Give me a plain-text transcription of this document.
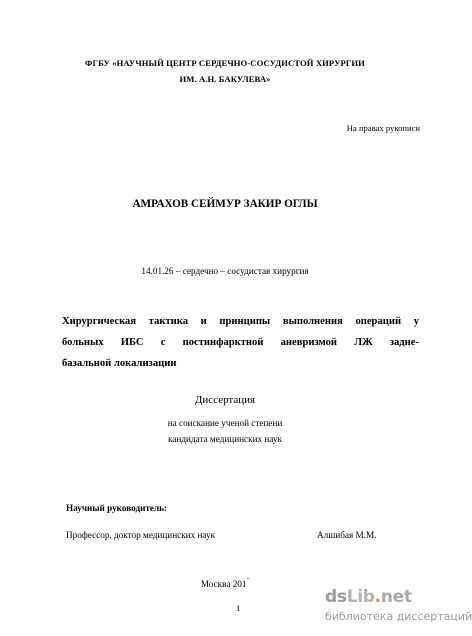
ФГБУ «НАУЧНЫЙ ЦЕНТР СЕРДЕЧНО-СОСУДИСТОЙ ХИРУРГИИ
ИМ. А.Н. БАКУЛЕВА»
На правах рукописи
АМРАХОВ СЕЙМУР ЗАКИР ОГЛЫ
14.01.26 – сердечно – сосудистая хирургия
Хирургическая тактика и принципы выполнения операций у
больных ИБС с постинфарктной аневризмой ЛЖ задне-
базальной локализации
Диссертация
на соискание ученой степени
кандидата медицинских наук
Научный руководитель:
Профессор, доктор медицинских наук	Алшибая М.М.
Москва 201˚
1
dsLib.net
библиотека диссертаций
